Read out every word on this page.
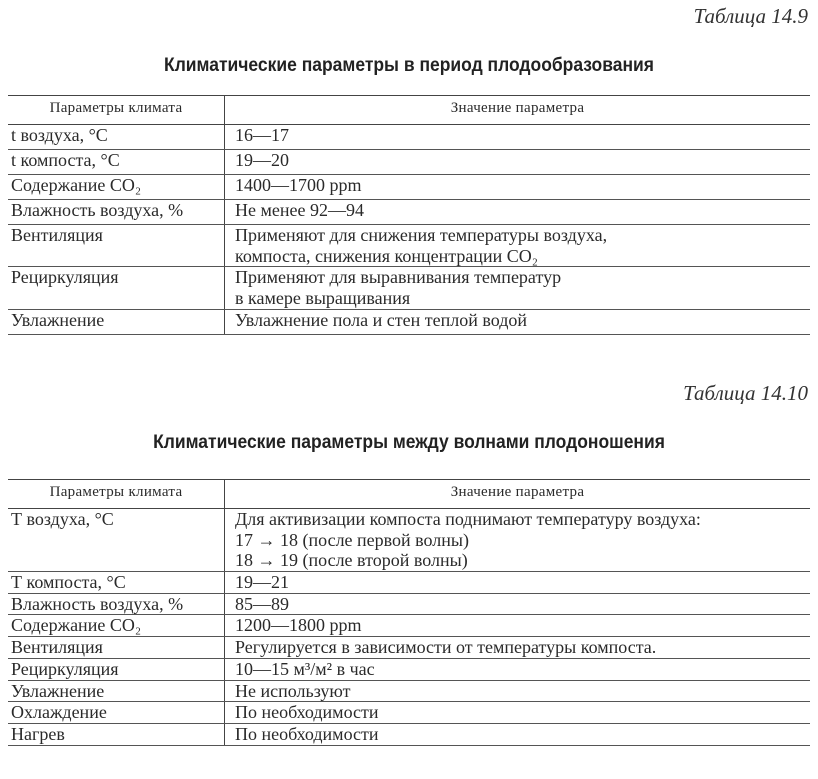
Таблица 14.9
Климатические параметры в период плодообразования
Параметры климата	Значение параметра
t воздуха, °С	16—17

t компоста, °С	19—20

Содержание СО₂	1400—1700 ppm

Влажность воздуха, %	Не менее 92—94

Вентиляция	Применяют для снижения температуры воздуха,
компоста, снижения концентрации СО₂

Рециркуляция	Применяют для выравнивания температур
в камере выращивания

Увлажнение	Увлажнение пола и стен теплой водой
Таблица 14.10
Климатические параметры между волнами плодоношения
Параметры климата	Значение параметра
Т воздуха, °С	Для активизации компоста поднимают температуру воздуха:
17 → 18 (после первой волны)
18 → 19 (после второй волны)

Т компоста, °С	19—21

Влажность воздуха, %	85—89

Содержание СО₂	1200—1800 ppm

Вентиляция	Регулируется в зависимости от температуры компоста.

Рециркуляция	10—15 м³/м² в час

Увлажнение	Не используют

Охлаждение	По необходимости

Нагрев	По необходимости
